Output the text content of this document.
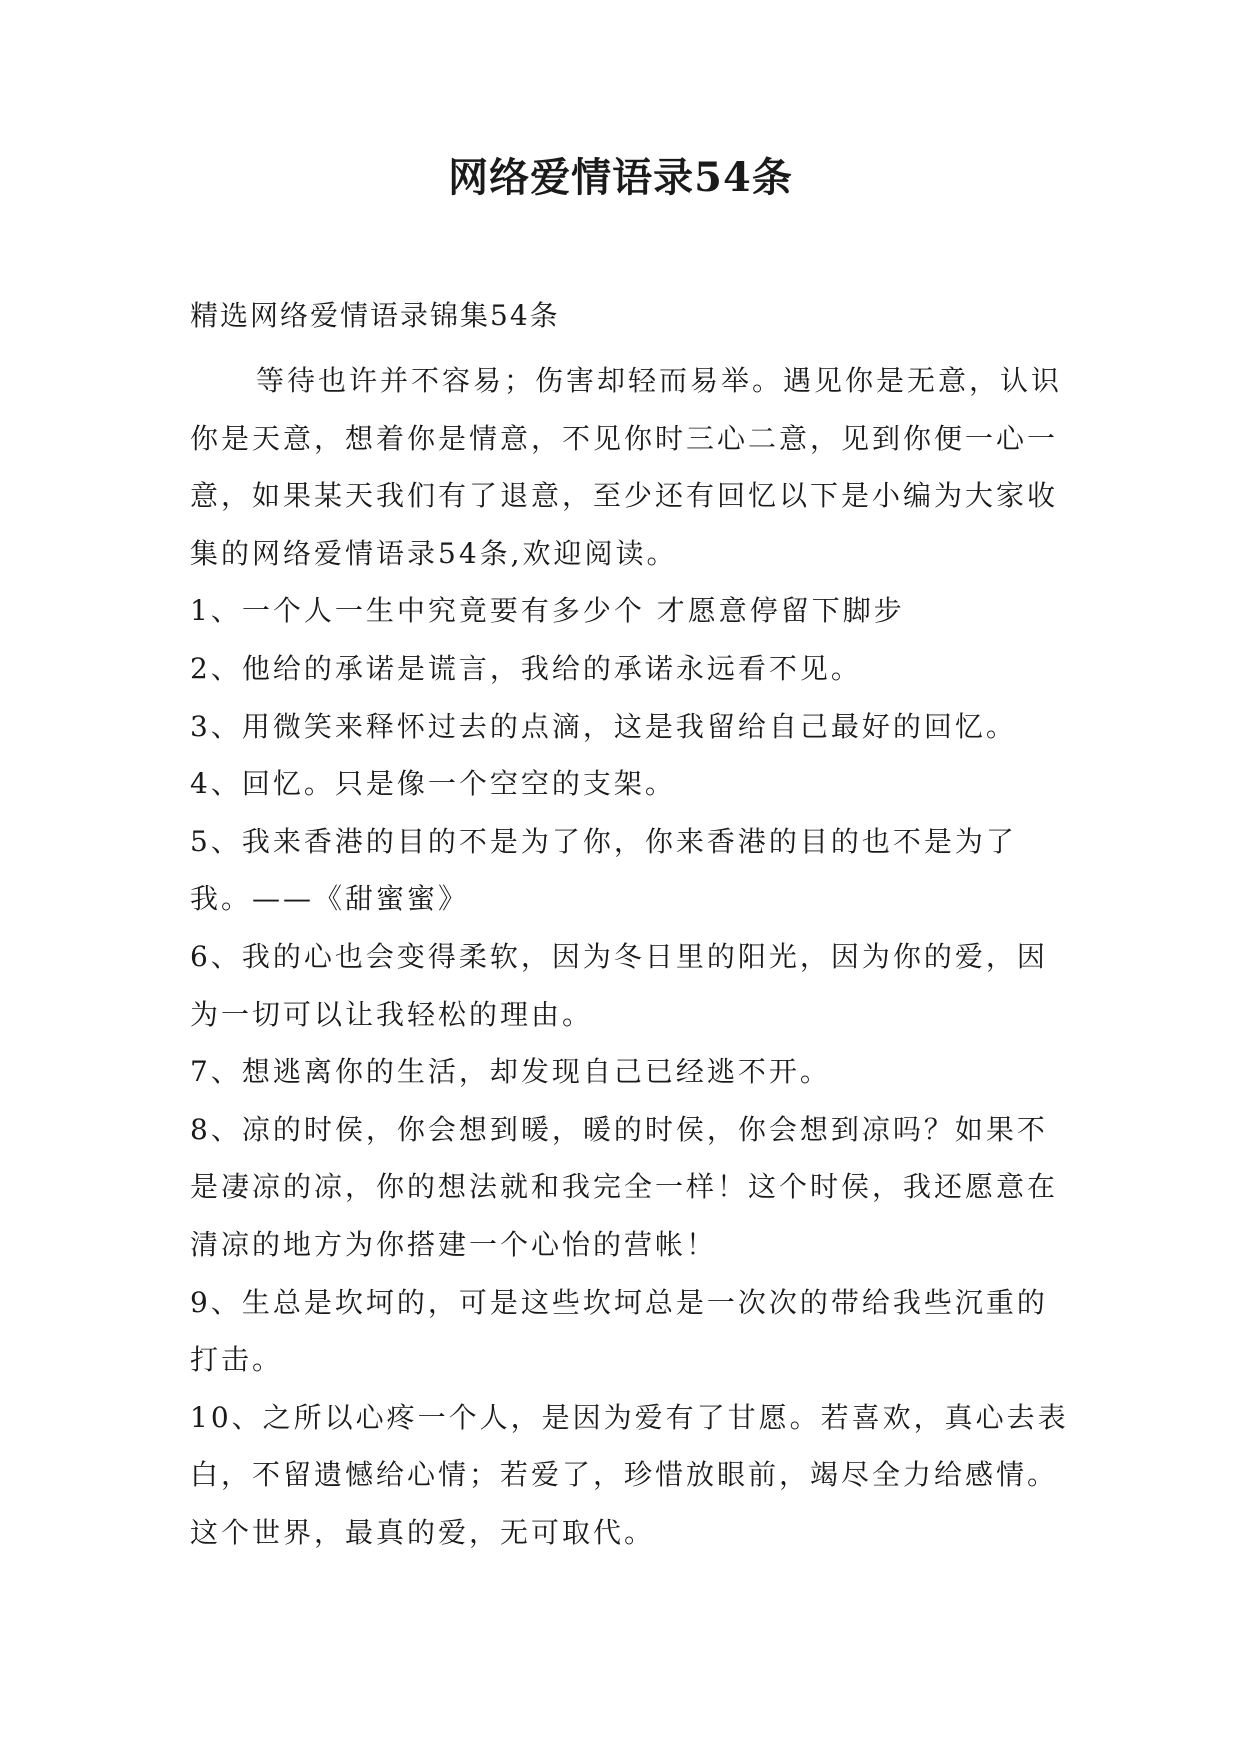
网络爱情语录54条
精选网络爱情语录锦集54条

等待也许并不容易；伤害却轻而易举。遇见你是无意，认识你是天意，想着你是情意，不见你时三心二意，见到你便一心一意，如果某天我们有了退意，至少还有回忆以下是小编为大家收集的网络爱情语录54条,欢迎阅读。

1、一个人一生中究竟要有多少个 才愿意停留下脚步

2、他给的承诺是谎言，我给的承诺永远看不见。

3、用微笑来释怀过去的点滴，这是我留给自己最好的回忆。

4、回忆。只是像一个空空的支架。

5、我来香港的目的不是为了你，你来香港的目的也不是为了我。——《甜蜜蜜》

6、我的心也会变得柔软，因为冬日里的阳光，因为你的爱，因为一切可以让我轻松的理由。

7、想逃离你的生活，却发现自己已经逃不开。

8、凉的时侯，你会想到暖，暖的时侯，你会想到凉吗？如果不是凄凉的凉，你的想法就和我完全一样！这个时侯，我还愿意在清凉的地方为你搭建一个心怡的营帐！

9、生总是坎坷的，可是这些坎坷总是一次次的带给我些沉重的打击。

10、之所以心疼一个人，是因为爱有了甘愿。若喜欢，真心去表白，不留遗憾给心情；若爱了，珍惜放眼前，竭尽全力给感情。这个世界，最真的爱，无可取代。
